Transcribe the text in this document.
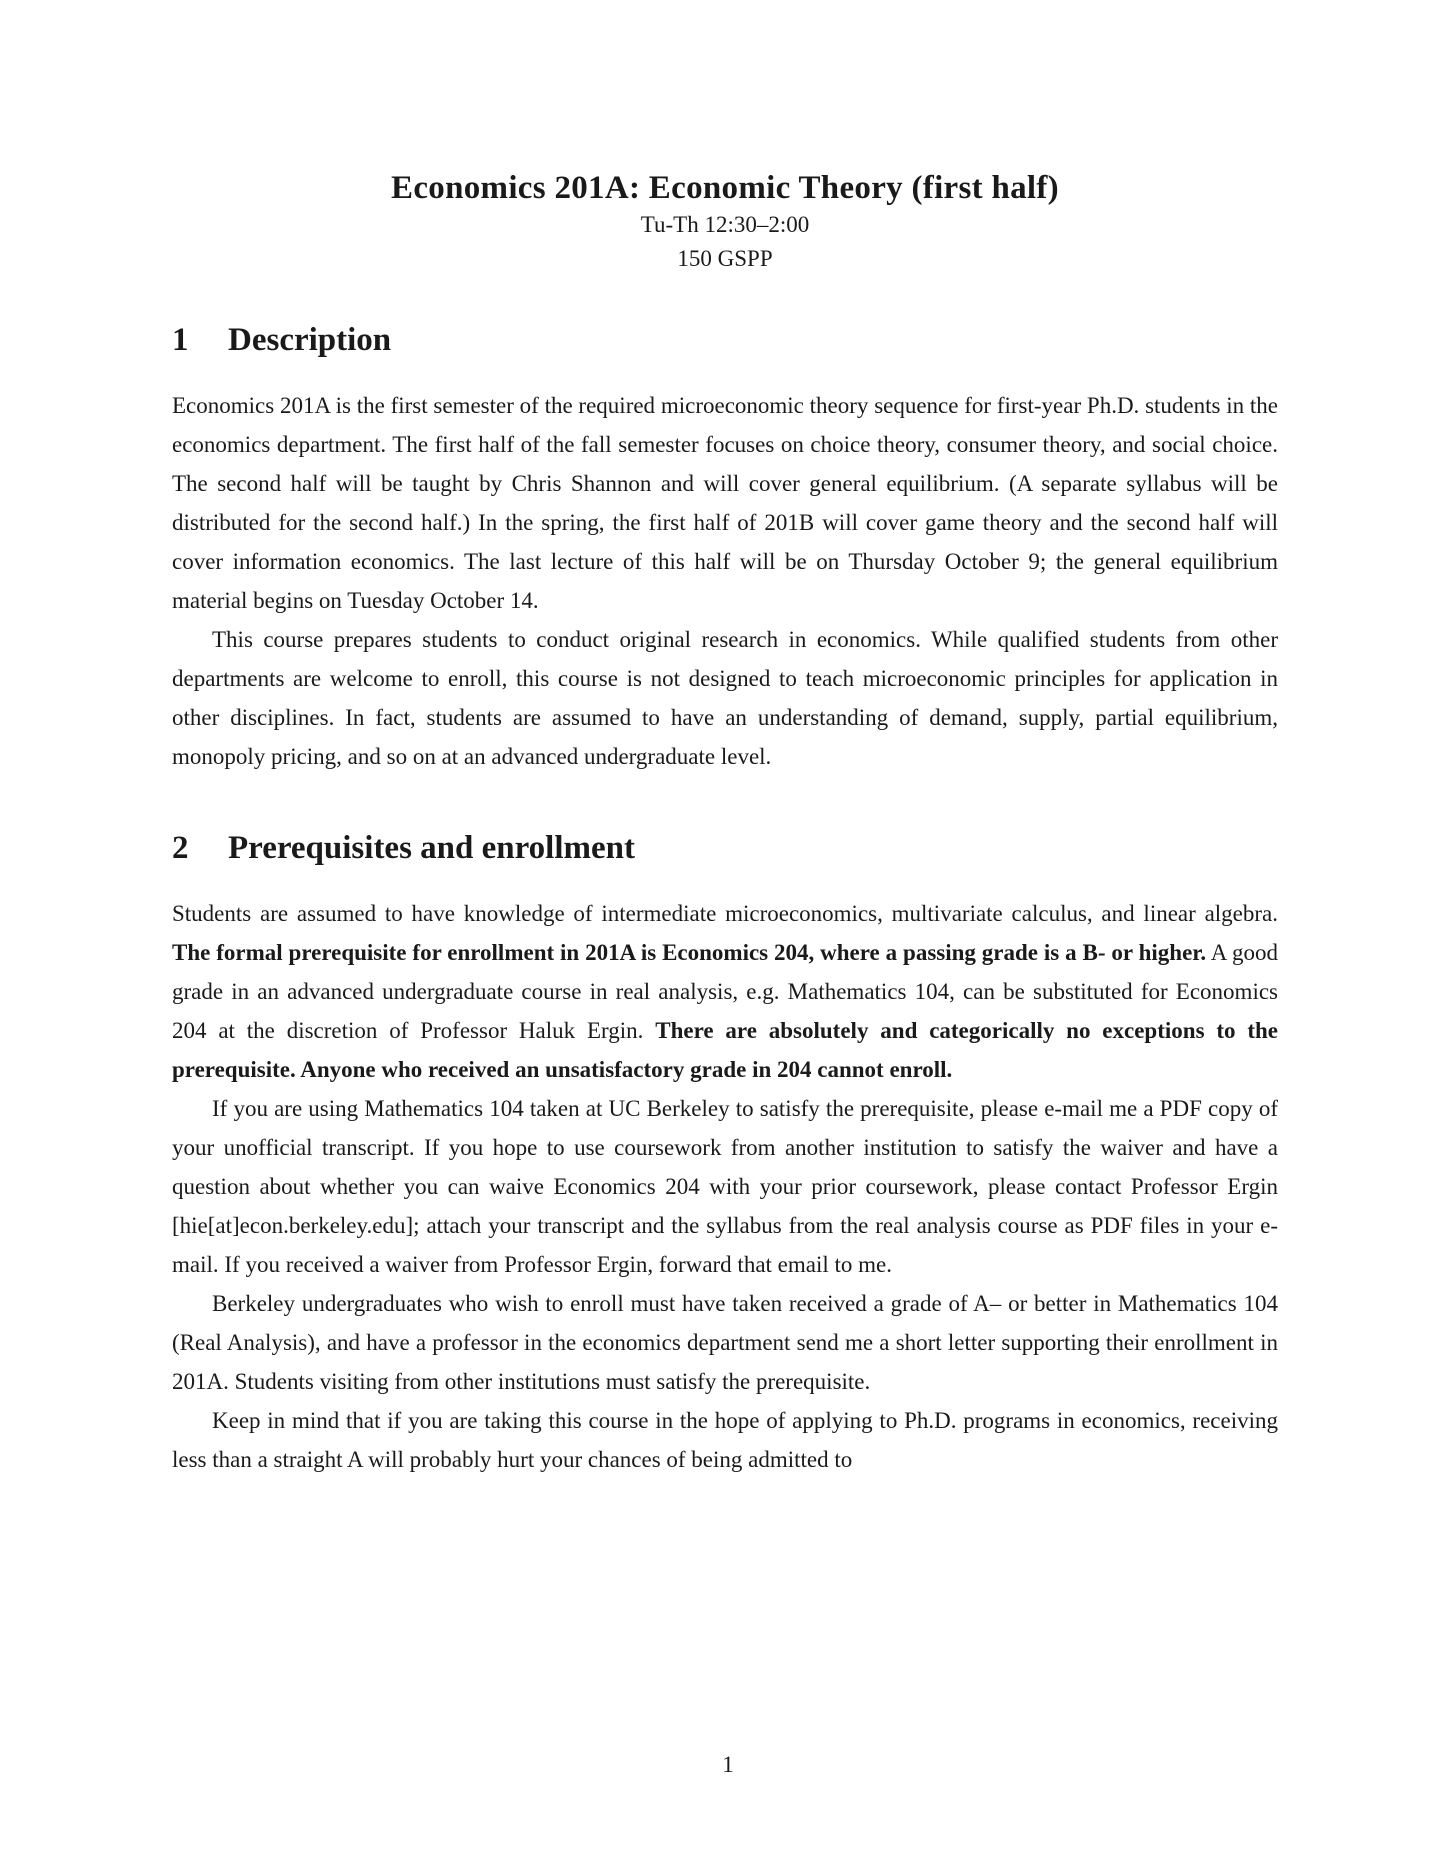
Economics 201A: Economic Theory (first half)

Tu-Th 12:30–2:00

150 GSPP

1	Description

Economics 201A is the first semester of the required microeconomic theory sequence for first-year Ph.D. students in the economics department. The first half of the fall semester focuses on choice theory, consumer theory, and social choice. The second half will be taught by Chris Shannon and will cover general equilibrium. (A separate syllabus will be distributed for the second half.) In the spring, the first half of 201B will cover game theory and the second half will cover information economics. The last lecture of this half will be on Thursday October 9; the general equilibrium material begins on Tuesday October 14.

This course prepares students to conduct original research in economics. While qualified students from other departments are welcome to enroll, this course is not designed to teach microeconomic principles for application in other disciplines. In fact, students are assumed to have an understanding of demand, supply, partial equilibrium, monopoly pricing, and so on at an advanced undergraduate level.

2	Prerequisites and enrollment

Students are assumed to have knowledge of intermediate microeconomics, multivariate calculus, and linear algebra. The formal prerequisite for enrollment in 201A is Economics 204, where a passing grade is a B- or higher. A good grade in an advanced undergraduate course in real analysis, e.g. Mathematics 104, can be substituted for Economics 204 at the discretion of Professor Haluk Ergin. There are absolutely and categorically no exceptions to the prerequisite. Anyone who received an unsatisfactory grade in 204 cannot enroll.

If you are using Mathematics 104 taken at UC Berkeley to satisfy the prerequisite, please e-mail me a PDF copy of your unofficial transcript. If you hope to use coursework from another institution to satisfy the waiver and have a question about whether you can waive Economics 204 with your prior coursework, please contact Professor Ergin [hie[at]econ.berkeley.edu]; attach your transcript and the syllabus from the real analysis course as PDF files in your e-mail. If you received a waiver from Professor Ergin, forward that email to me.

Berkeley undergraduates who wish to enroll must have taken received a grade of A– or better in Mathematics 104 (Real Analysis), and have a professor in the economics department send me a short letter supporting their enrollment in 201A. Students visiting from other institutions must satisfy the prerequisite.

Keep in mind that if you are taking this course in the hope of applying to Ph.D. programs in economics, receiving less than a straight A will probably hurt your chances of being admitted to

1
